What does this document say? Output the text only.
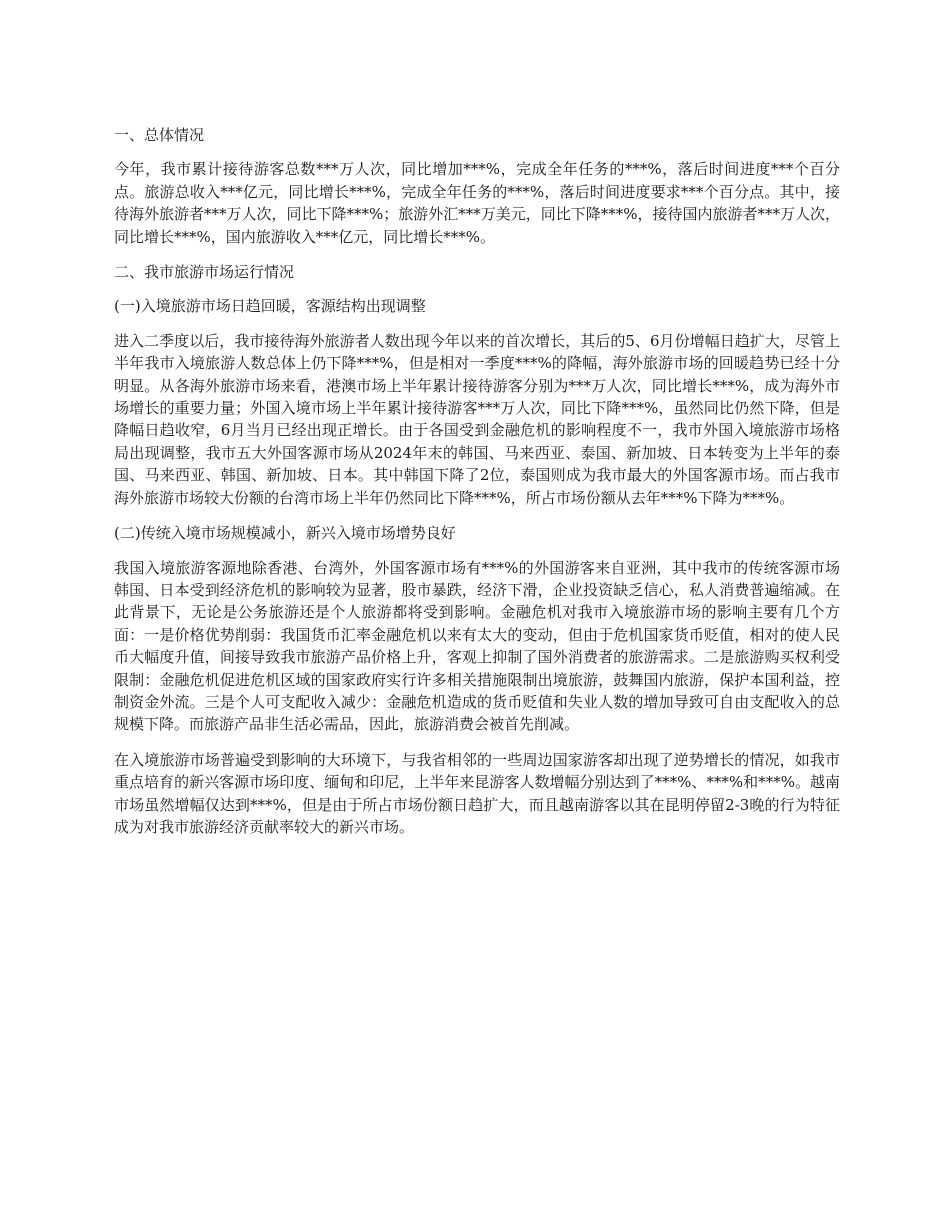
一、总体情况

今年，我市累计接待游客总数***万人次，同比增加***%，完成全年任务的***%，落后时间进度***个百分点。旅游总收入***亿元，同比增长***%，完成全年任务的***%，落后时间进度要求***个百分点。其中，接待海外旅游者***万人次，同比下降***%；旅游外汇***万美元，同比下降***%，接待国内旅游者***万人次，同比增长***%，国内旅游收入***亿元，同比增长***%。

二、我市旅游市场运行情况
(一)入境旅游市场日趋回暖，客源结构出现调整

进入二季度以后，我市接待海外旅游者人数出现今年以来的首次增长，其后的5、6月份增幅日趋扩大，尽管上半年我市入境旅游人数总体上仍下降***%，但是相对一季度***%的降幅，海外旅游市场的回暖趋势已经十分明显。从各海外旅游市场来看，港澳市场上半年累计接待游客分别为***万人次，同比增长***%，成为海外市场增长的重要力量；外国入境市场上半年累计接待游客***万人次，同比下降***%，虽然同比仍然下降，但是降幅日趋收窄，6月当月已经出现正增长。由于各国受到金融危机的影响程度不一，我市外国入境旅游市场格局出现调整，我市五大外国客源市场从2024年末的韩国、马来西亚、泰国、新加坡、日本转变为上半年的泰国、马来西亚、韩国、新加坡、日本。其中韩国下降了2位，泰国则成为我市最大的外国客源市场。而占我市海外旅游市场较大份额的台湾市场上半年仍然同比下降***%，所占市场份额从去年***%下降为***%。

(二)传统入境市场规模减小，新兴入境市场增势良好

我国入境旅游客源地除香港、台湾外，外国客源市场有***%的外国游客来自亚洲，其中我市的传统客源市场韩国、日本受到经济危机的影响较为显著，股市暴跌，经济下滑，企业投资缺乏信心，私人消费普遍缩减。在此背景下，无论是公务旅游还是个人旅游都将受到影响。金融危机对我市入境旅游市场的影响主要有几个方面：一是价格优势削弱：我国货币汇率金融危机以来有太大的变动，但由于危机国家货币贬值，相对的使人民币大幅度升值，间接导致我市旅游产品价格上升，客观上抑制了国外消费者的旅游需求。二是旅游购买权利受限制：金融危机促进危机区域的国家政府实行许多相关措施限制出境旅游，鼓舞国内旅游，保护本国利益，控制资金外流。三是个人可支配收入减少：金融危机造成的货币贬值和失业人数的增加导致可自由支配收入的总规模下降。而旅游产品非生活必需品，因此，旅游消费会被首先削减。

在入境旅游市场普遍受到影响的大环境下，与我省相邻的一些周边国家游客却出现了逆势增长的情况，如我市重点培育的新兴客源市场印度、缅甸和印尼，上半年来昆游客人数增幅分别达到了***%、***%和***%。越南市场虽然增幅仅达到***%，但是由于所占市场份额日趋扩大，而且越南游客以其在昆明停留2-3晚的行为特征成为对我市旅游经济贡献率较大的新兴市场。
